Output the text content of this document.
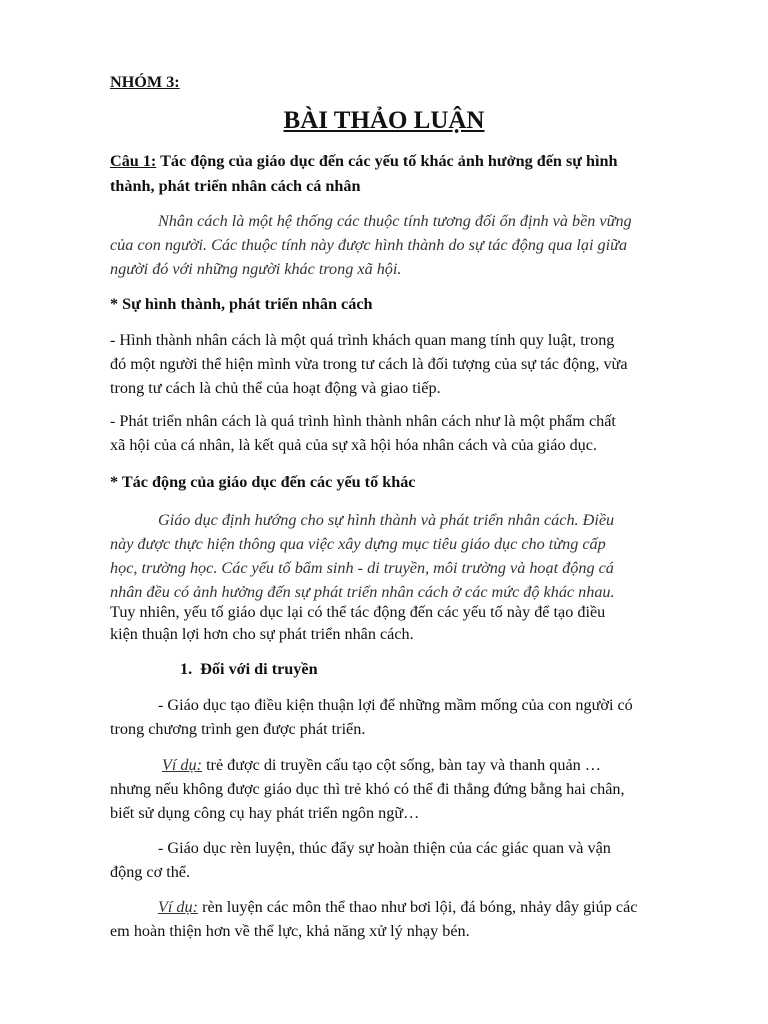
NHÓM 3:
BÀI THẢO LUẬN
Câu 1: Tác động của giáo dục đến các yếu tố khác ảnh hưởng đến sự hình
thành, phát triển nhân cách cá nhân
Nhân cách là một hệ thống các thuộc tính tương đối ổn định và bền vững
của con người. Các thuộc tính này được hình thành do sự tác động qua lại giữa
người đó với những người khác trong xã hội.
* Sự hình thành, phát triển nhân cách
- Hình thành nhân cách là một quá trình khách quan mang tính quy luật, trong
đó một người thể hiện mình vừa trong tư cách là đối tượng của sự tác động, vừa
trong tư cách là chủ thể của hoạt động và giao tiếp.
- Phát triển nhân cách là quá trình hình thành nhân cách như là một phẩm chất
xã hội của cá nhân, là kết quả của sự xã hội hóa nhân cách và của giáo dục.
* Tác động của giáo dục đến các yếu tố khác
Giáo dục định hướng cho sự hình thành và phát triển nhân cách. Điều
này được thực hiện thông qua việc xây dựng mục tiêu giáo dục cho từng cấp
học, trường học. Các yếu tố bẩm sinh - di truyền, môi trường và hoạt động cá
nhân đều có ảnh hưởng đến sự phát triển nhân cách ở các mức độ khác nhau.
Tuy nhiên, yếu tố giáo dục lại có thể tác động đến các yếu tố này để tạo điều
kiện thuận lợi hơn cho sự phát triển nhân cách.
1. Đối với di truyền
- Giáo dục tạo điều kiện thuận lợi để những mầm mống của con người có
trong chương trình gen được phát triển.
Ví dụ: trẻ được di truyền cấu tạo cột sống, bàn tay và thanh quản …
nhưng nếu không được giáo dục thì trẻ khó có thể đi thẳng đứng bằng hai chân,
biết sử dụng công cụ hay phát triển ngôn ngữ…
- Giáo dục rèn luyện, thúc đẩy sự hoàn thiện của các giác quan và vận
động cơ thể.
Ví dụ: rèn luyện các môn thể thao như bơi lội, đá bóng, nhảy dây giúp các
em hoàn thiện hơn về thể lực, khả năng xử lý nhạy bén.
